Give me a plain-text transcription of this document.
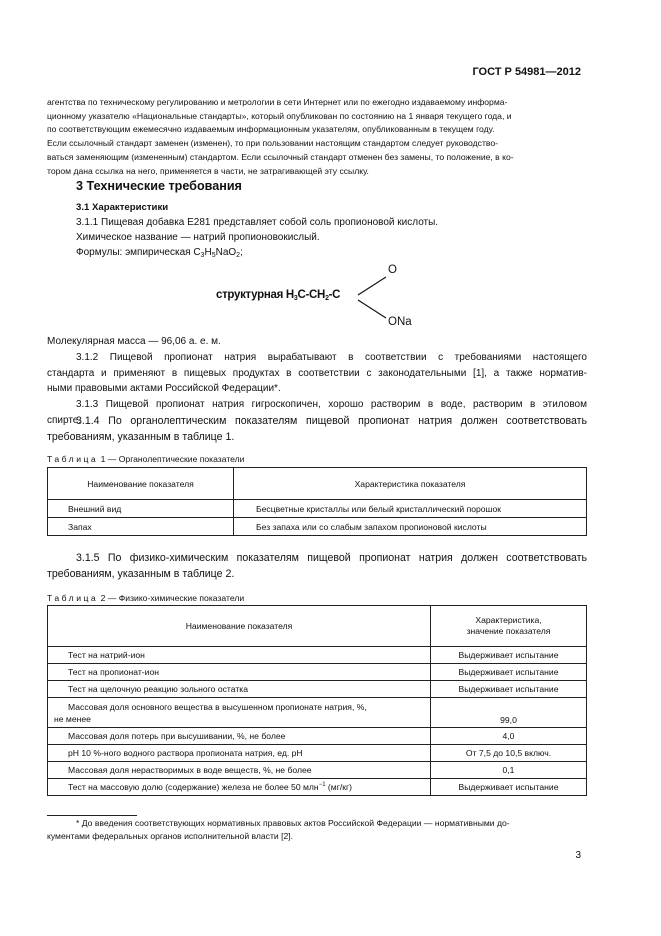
ГОСТ Р 54981—2012
агентства по техническому регулированию и метрологии в сети Интернет или по ежегодно издаваемому информа-
ционному указателю «Национальные стандарты», который опубликован по состоянию на 1 января текущего года, и
по соответствующим ежемесячно издаваемым информационным указателям, опубликованным в текущем году.
Если ссылочный стандарт заменен (изменен), то при пользовании настоящим стандартом следует руководство-
ваться заменяющим (измененным) стандартом. Если ссылочный стандарт отменен без замены, то положение, в ко-
тором дана ссылка на него, применяется в части, не затрагивающей эту ссылку.
3 Технические требования
3.1 Характеристики
3.1.1 Пищевая добавка Е281 представляет собой соль пропионовой кислоты.
Химическое название — натрий пропионовокислый.
Формулы: эмпирическая $C_3H_5NaO_2$;
структурная $H_3C-CH_2-C$
O
ONa
Молекулярная масса — 96,06 а. е. м.
3.1.2 Пищевой пропионат натрия вырабатывают в соответствии с требованиями настоящего
стандарта и применяют в пищевых продуктах в соответствии с законодательными [1], а также норматив-
ными правовыми актами Российской Федерации*.
3.1.3 Пищевой пропионат натрия гигроскопичен, хорошо растворим в воде, растворим в этиловом
спирте.
3.1.4 По органолептическим показателям пищевой пропионат натрия должен соответствовать
требованиям, указанным в таблице 1.
Таблица 1 — Органолептические показатели
Наименование показателя	Характеристика показателя
Внешний вид	Бесцветные кристаллы или белый кристаллический порошок
Запах	Без запаха или со слабым запахом пропионовой кислоты
3.1.5 По физико-химическим показателям пищевой пропионат натрия должен соответствовать
требованиям, указанным в таблице 2.
Таблица 2 — Физико-химические показатели
Наименование показателя	Характеристика,
значение показателя
Тест на натрий-ион	Выдерживает испытание
Тест на пропионат-ион	Выдерживает испытание
Тест на щелочную реакцию зольного остатка	Выдерживает испытание
Массовая доля основного вещества в высушенном пропионате натрия, %,
не менее	99,0
Массовая доля потерь при высушивании, %, не более	4,0
pH 10 %-ного водного раствора пропионата натрия, ед. pH	От 7,5 до 10,5 включ.
Массовая доля нерастворимых в воде веществ, %, не более	0,1
Тест на массовую долю (содержание) железа не более 50 млн$^{-1}$ (мг/кг)	Выдерживает испытание
* До введения соответствующих нормативных правовых актов Российской Федерации — нормативными до-
кументами федеральных органов исполнительной власти [2].
3
